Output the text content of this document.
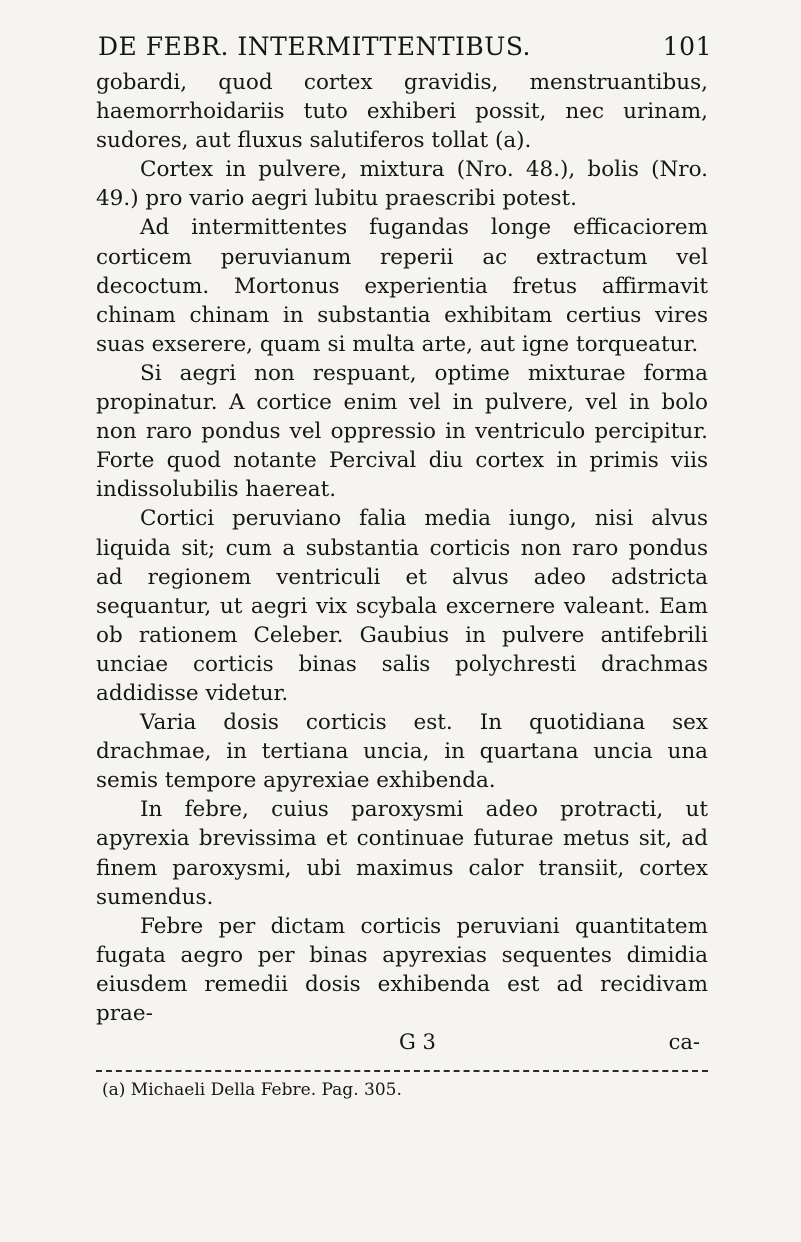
DE FEBR. INTERMITTENTIBUS.	101

gobardi, quod cortex gravidis, menstruantibus, haemorrhoidariis tuto exhiberi possit, nec urinam, sudores, aut fluxus salutiferos tollat (a).

Cortex in pulvere, mixtura (Nro. 48.), bolis (Nro. 49.) pro vario aegri lubitu praescribi potest.

Ad intermittentes fugandas longe efficaciorem corticem peruvianum reperii ac extractum vel decoctum. Mortonus experientia fretus affirmavit chinam chinam in substantia exhibitam certius vires suas exserere, quam si multa arte, aut igne torqueatur.

Si aegri non respuant, optime mixturae forma propinatur. A cortice enim vel in pulvere, vel in bolo non raro pondus vel oppressio in ventriculo percipitur. Forte quod notante Percival diu cortex in primis viis indissolubilis haereat.

Cortici peruviano falia media iungo, nisi alvus liquida sit; cum a substantia corticis non raro pondus ad regionem ventriculi et alvus adeo adstricta sequantur, ut aegri vix scybala excernere valeant. Eam ob rationem Celeber. Gaubius in pulvere antifebrili unciae corticis binas salis polychresti drachmas addidisse videtur.

Varia dosis corticis est. In quotidiana sex drachmae, in tertiana uncia, in quartana uncia una semis tempore apyrexiae exhibenda.

In febre, cuius paroxysmi adeo protracti, ut apyrexia brevissima et continuae futurae metus sit, ad finem paroxysmi, ubi maximus calor transiit, cortex sumendus.

Febre per dictam corticis peruviani quantitatem fugata aegro per binas apyrexias sequentes dimidia eiusdem remedii dosis exhibenda est ad recidivam prae-

G 3	ca-
(a) Michaeli Della Febre. Pag. 305.
